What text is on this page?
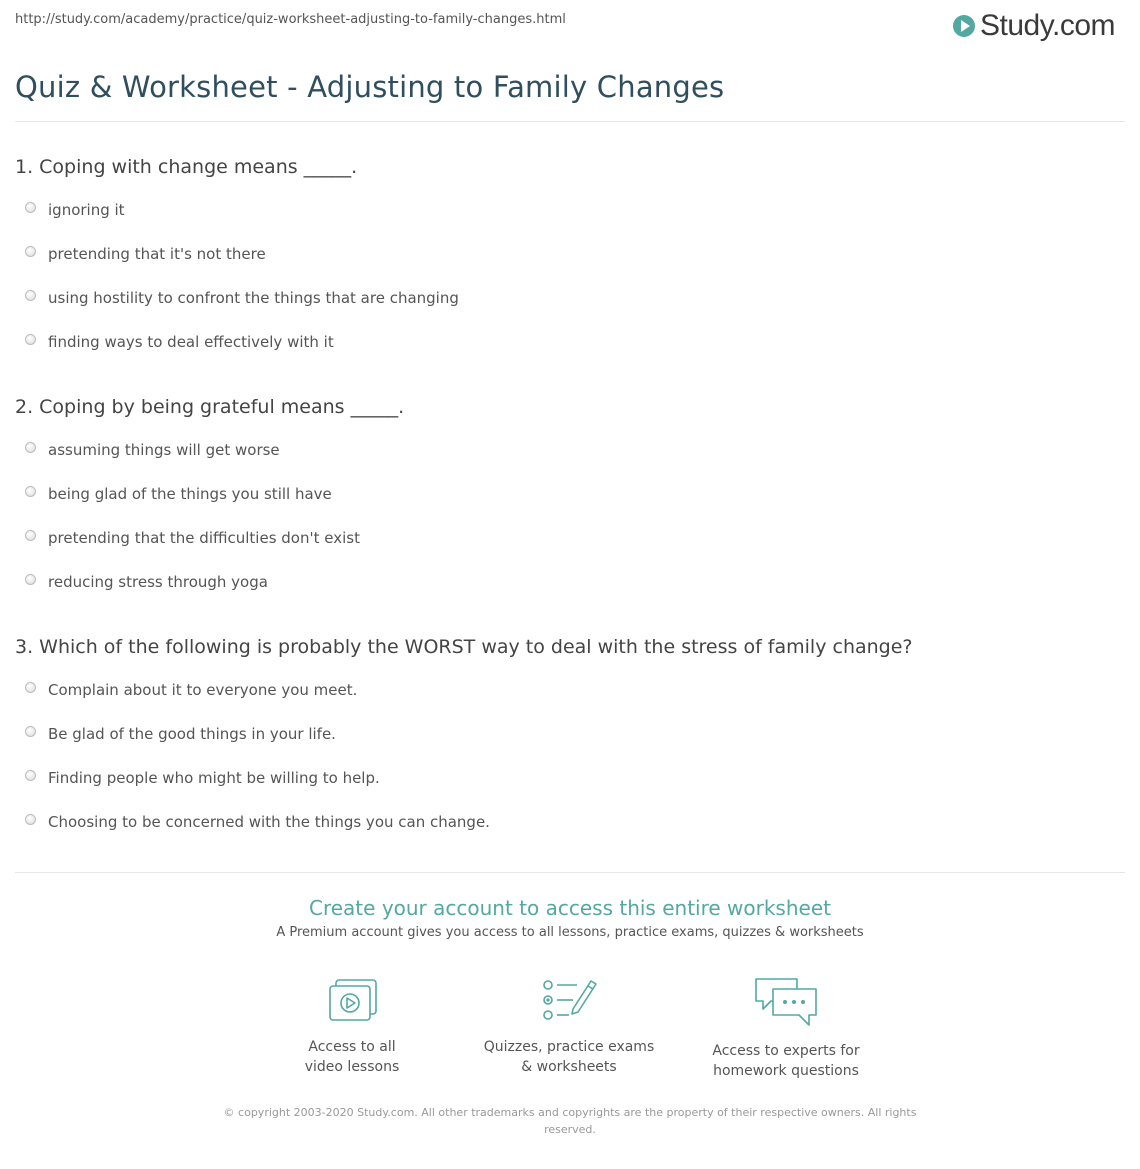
http://study.com/academy/practice/quiz-worksheet-adjusting-to-family-changes.html	Study.com
Quiz & Worksheet - Adjusting to Family Changes
1. Coping with change means _____.
ignoring it
pretending that it's not there
using hostility to confront the things that are changing
finding ways to deal effectively with it
2. Coping by being grateful means _____.
assuming things will get worse
being glad of the things you still have
pretending that the difficulties don't exist
reducing stress through yoga
3. Which of the following is probably the WORST way to deal with the stress of family change?
Complain about it to everyone you meet.
Be glad of the good things in your life.
Finding people who might be willing to help.
Choosing to be concerned with the things you can change.
Create your account to access this entire worksheet
A Premium account gives you access to all lessons, practice exams, quizzes & worksheets
Access to all
video lessons
Quizzes, practice exams
& worksheets
Access to experts for
homework questions
© copyright 2003-2020 Study.com. All other trademarks and copyrights are the property of their respective owners. All rights
reserved.
